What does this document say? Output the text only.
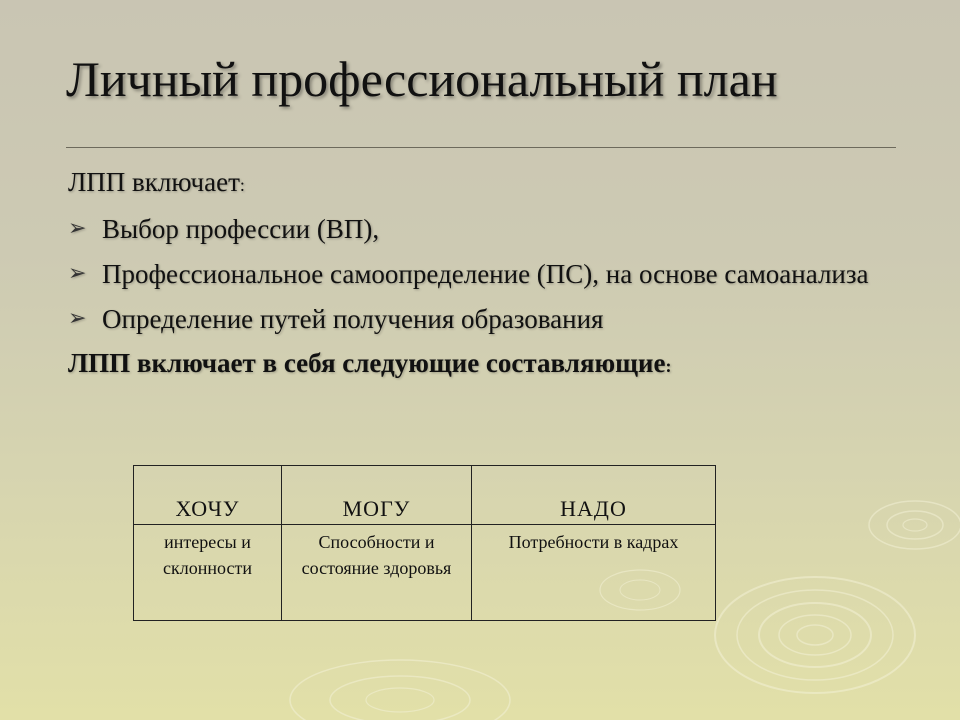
Личный профессиональный план
ЛПП включает:
➢ Выбор профессии (ВП),
➢ Профессиональное самоопределение (ПС), на основе самоанализа
➢ Определение путей получения образования
ЛПП включает в себя следующие составляющие:
ХОЧУ	МОГУ	НАДО
интересы и склонности	Способности и состояние здоровья	Потребности в кадрах
